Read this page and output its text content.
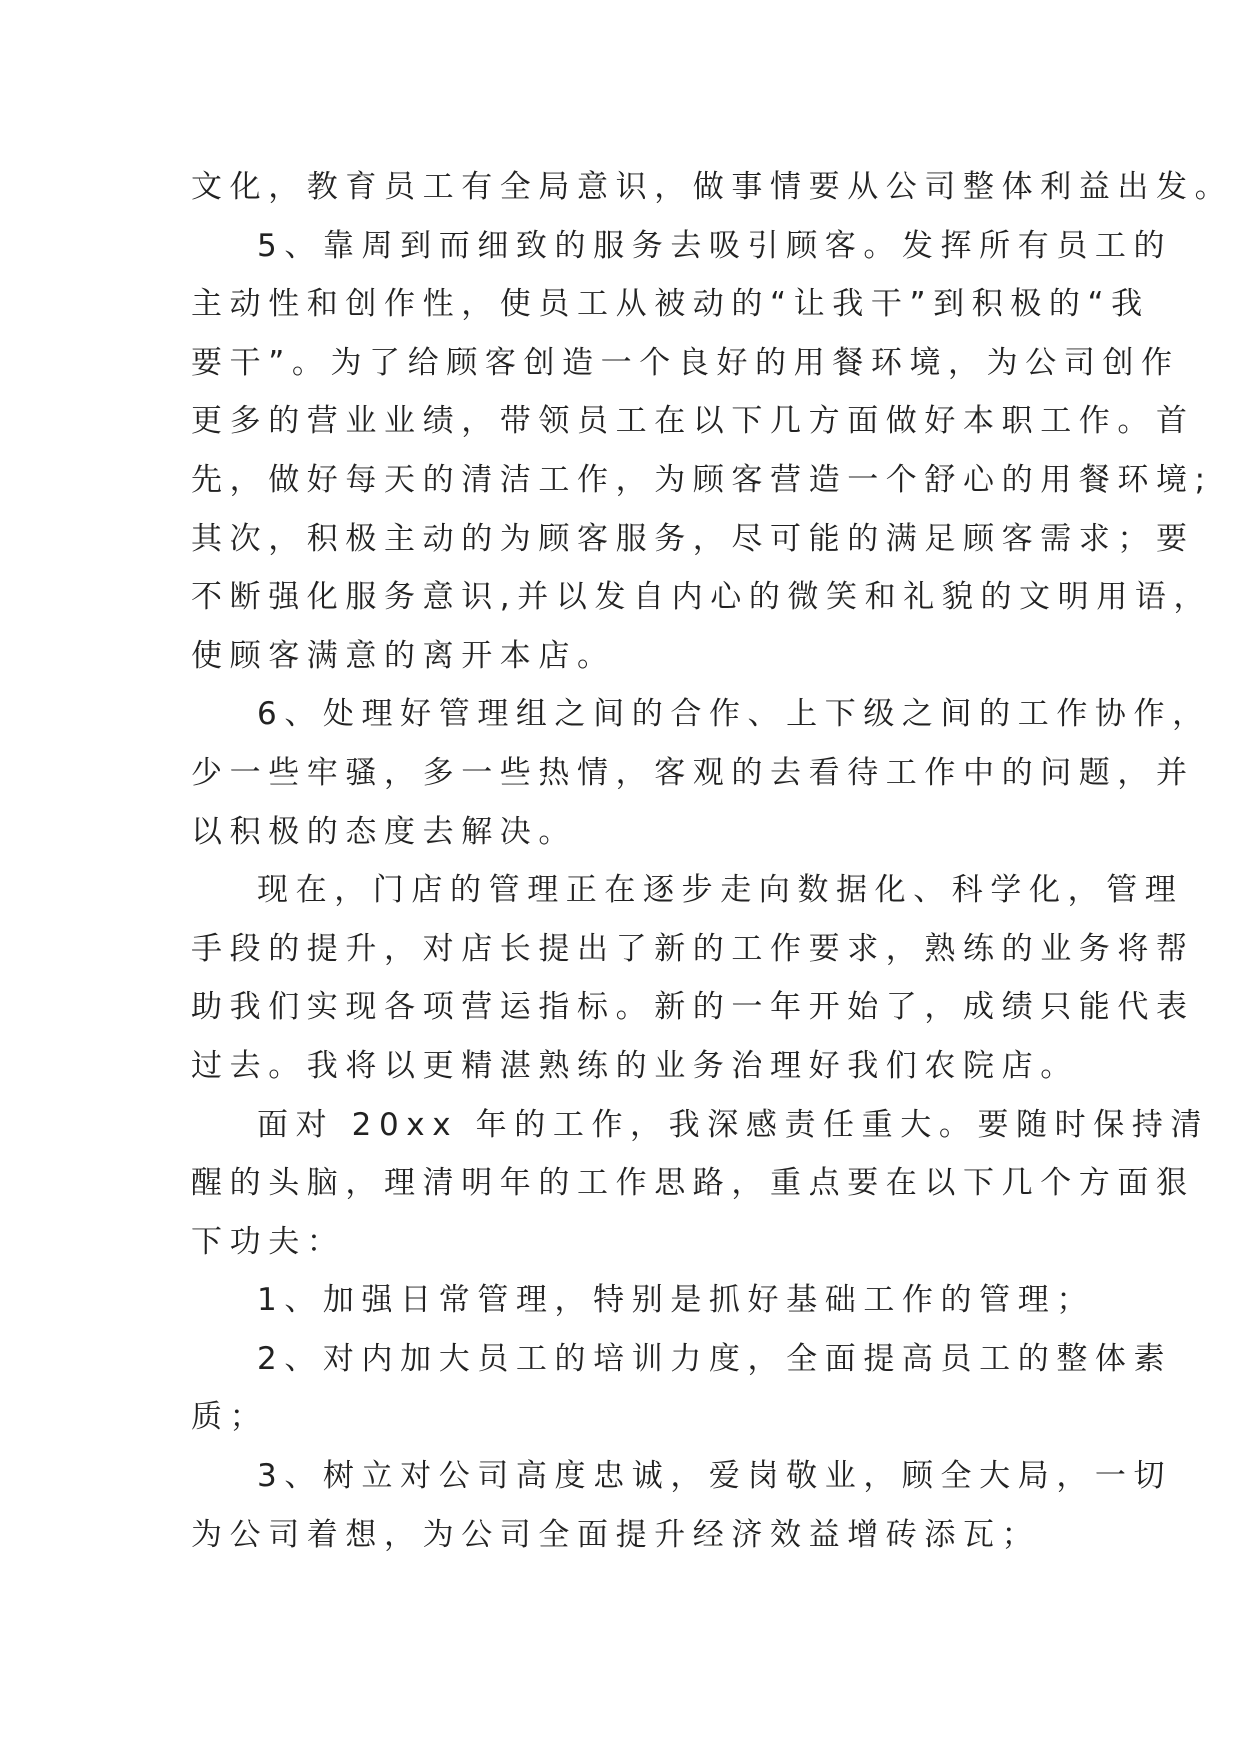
文化，教育员工有全局意识，做事情要从公司整体利益出发。
5、靠周到而细致的服务去吸引顾客。发挥所有员工的
主动性和创作性，使员工从被动的“让我干”到积极的“我
要干”。为了给顾客创造一个良好的用餐环境，为公司创作
更多的营业业绩，带领员工在以下几方面做好本职工作。首
先，做好每天的清洁工作，为顾客营造一个舒心的用餐环境;
其次，积极主动的为顾客服务，尽可能的满足顾客需求；要
不断强化服务意识,并以发自内心的微笑和礼貌的文明用语，
使顾客满意的离开本店。
6、处理好管理组之间的合作、上下级之间的工作协作，
少一些牢骚，多一些热情，客观的去看待工作中的问题，并
以积极的态度去解决。
现在，门店的管理正在逐步走向数据化、科学化，管理
手段的提升，对店长提出了新的工作要求，熟练的业务将帮
助我们实现各项营运指标。新的一年开始了，成绩只能代表
过去。我将以更精湛熟练的业务治理好我们农院店。
面对 20xx 年的工作，我深感责任重大。要随时保持清
醒的头脑，理清明年的工作思路，重点要在以下几个方面狠
下功夫：
1、加强日常管理，特别是抓好基础工作的管理；
2、对内加大员工的培训力度，全面提高员工的整体素
质；
3、树立对公司高度忠诚，爱岗敬业，顾全大局，一切
为公司着想，为公司全面提升经济效益增砖添瓦；
